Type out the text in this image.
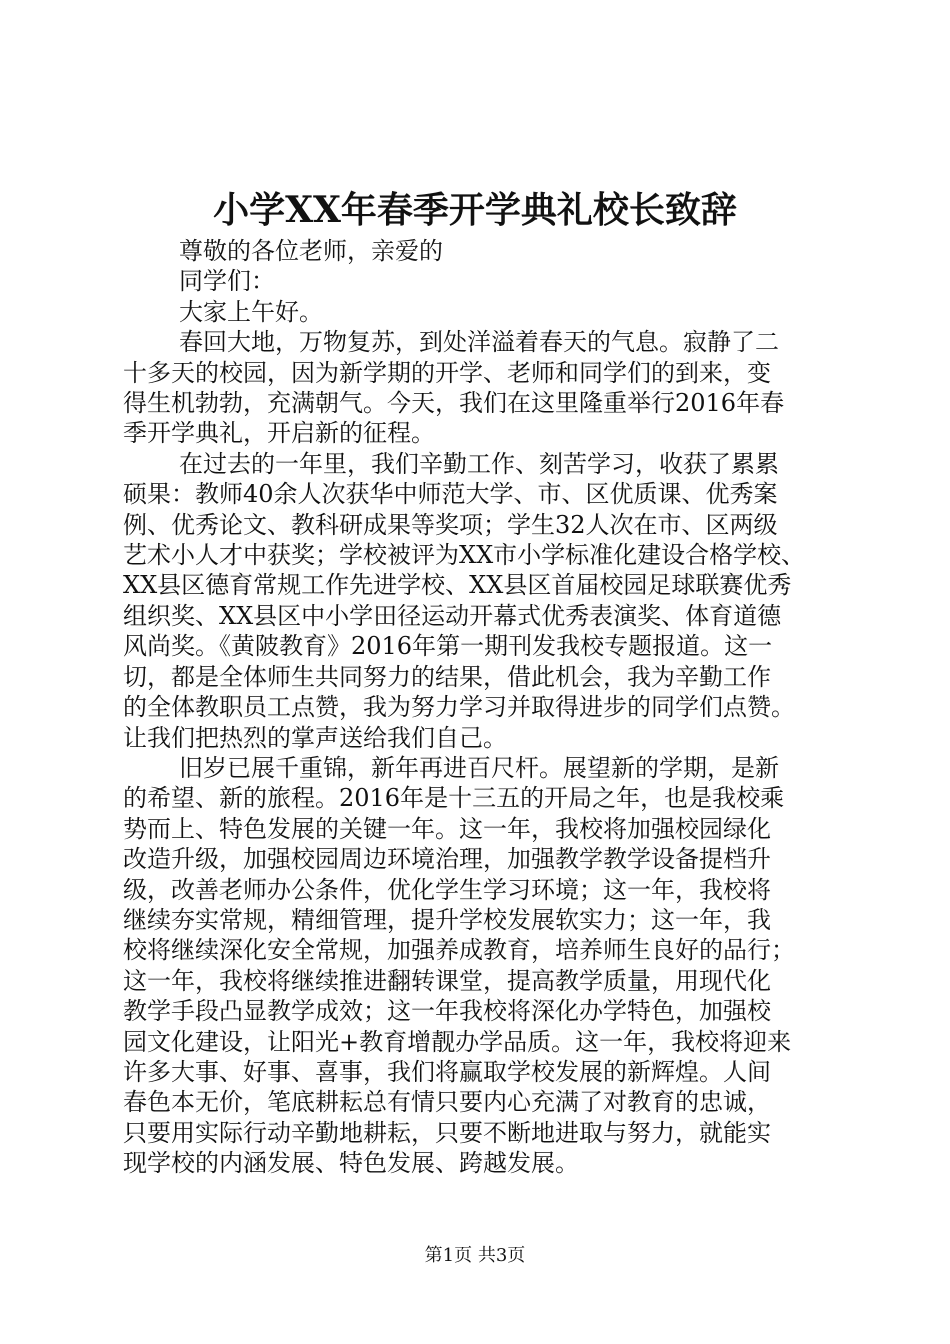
小学XX年春季开学典礼校长致辞

尊敬的各位老师，亲爱的

同学们：

大家上午好。

春回大地，万物复苏，到处洋溢着春天的气息。寂静了二
十多天的校园，因为新学期的开学、老师和同学们的到来，变
得生机勃勃，充满朝气。今天，我们在这里隆重举行2016年春
季开学典礼，开启新的征程。

在过去的一年里，我们辛勤工作、刻苦学习，收获了累累
硕果：教师40余人次获华中师范大学、市、区优质课、优秀案
例、优秀论文、教科研成果等奖项；学生32人次在市、区两级
艺术小人才中获奖；学校被评为XX市小学标准化建设合格学校、
XX县区德育常规工作先进学校、XX县区首届校园足球联赛优秀
组织奖、XX县区中小学田径运动开幕式优秀表演奖、体育道德
风尚奖。《黄陂教育》2016年第一期刊发我校专题报道。这一
切，都是全体师生共同努力的结果，借此机会，我为辛勤工作
的全体教职员工点赞，我为努力学习并取得进步的同学们点赞。
让我们把热烈的掌声送给我们自己。

旧岁已展千重锦，新年再进百尺杆。展望新的学期，是新
的希望、新的旅程。2016年是十三五的开局之年，也是我校乘
势而上、特色发展的关键一年。这一年，我校将加强校园绿化
改造升级，加强校园周边环境治理，加强教学教学设备提档升
级，改善老师办公条件，优化学生学习环境；这一年，我校将
继续夯实常规，精细管理，提升学校发展软实力；这一年，我
校将继续深化安全常规，加强养成教育，培养师生良好的品行；
这一年，我校将继续推进翻转课堂，提高教学质量，用现代化
教学手段凸显教学成效；这一年我校将深化办学特色，加强校
园文化建设，让阳光+教育增靓办学品质。这一年，我校将迎来
许多大事、好事、喜事，我们将赢取学校发展的新辉煌。人间
春色本无价，笔底耕耘总有情只要内心充满了对教育的忠诚，
只要用实际行动辛勤地耕耘，只要不断地进取与努力，就能实
现学校的内涵发展、特色发展、跨越发展。

第1页 共3页
